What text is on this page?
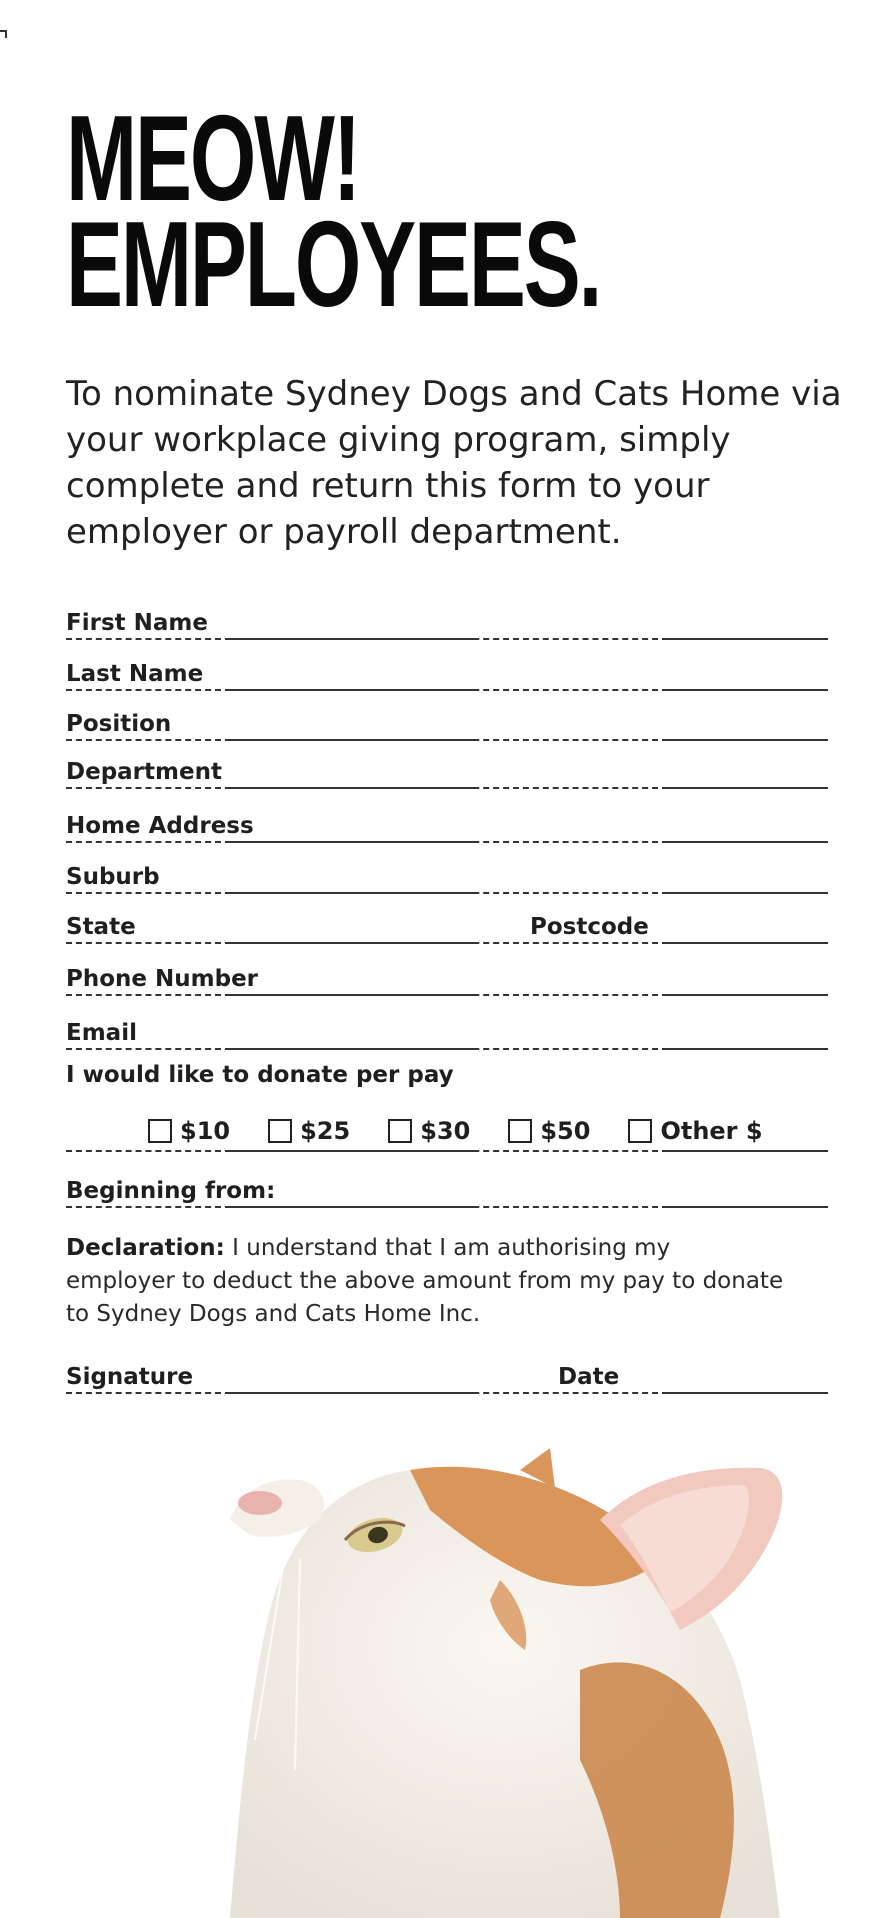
MEOW!
EMPLOYEES.

To nominate Sydney Dogs and Cats Home via your workplace giving program, simply complete and return this form to your employer or payroll department.

First Name
Last Name
Position
Department
Home Address
Suburb
State	Postcode
Phone Number
Email
I would like to donate per pay
$10	$25	$30	$50	Other $
Beginning from:

Declaration: I understand that I am authorising my employer to deduct the above amount from my pay to donate to Sydney Dogs and Cats Home Inc.

Signature	Date
